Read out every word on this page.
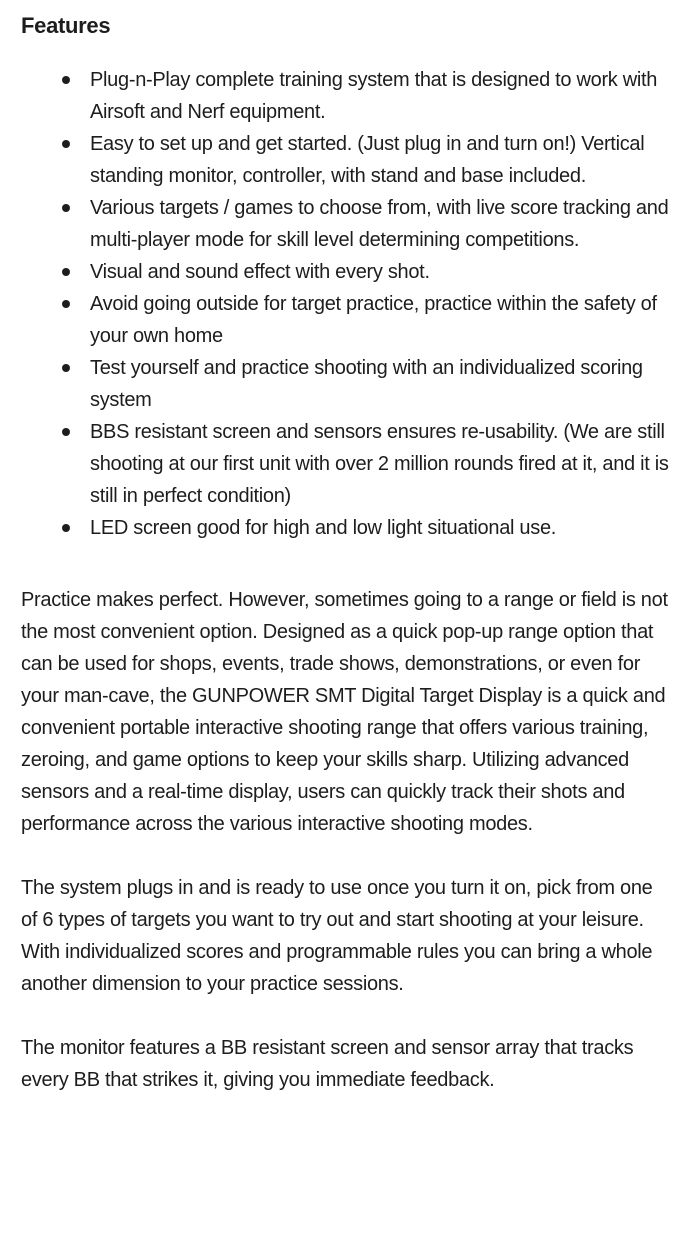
Features
Plug-n-Play complete training system that is designed to work with Airsoft and Nerf equipment.
Easy to set up and get started. (Just plug in and turn on!) Vertical standing monitor, controller, with stand and base included.
Various targets / games to choose from, with live score tracking and multi-player mode for skill level determining competitions.
Visual and sound effect with every shot.
Avoid going outside for target practice, practice within the safety of your own home
Test yourself and practice shooting with an individualized scoring system
BBS resistant screen and sensors ensures re-usability. (We are still shooting at our first unit with over 2 million rounds fired at it, and it is still in perfect condition)
LED screen good for high and low light situational use.

Practice makes perfect. However, sometimes going to a range or field is not the most convenient option. Designed as a quick pop-up range option that can be used for shops, events, trade shows, demonstrations, or even for your man-cave, the GUNPOWER SMT Digital Target Display is a quick and convenient portable interactive shooting range that offers various training, zeroing, and game options to keep your skills sharp. Utilizing advanced sensors and a real-time display, users can quickly track their shots and performance across the various interactive shooting modes.

The system plugs in and is ready to use once you turn it on, pick from one of 6 types of targets you want to try out and start shooting at your leisure. With individualized scores and programmable rules you can bring a whole another dimension to your practice sessions.

The monitor features a BB resistant screen and sensor array that tracks every BB that strikes it, giving you immediate feedback.
